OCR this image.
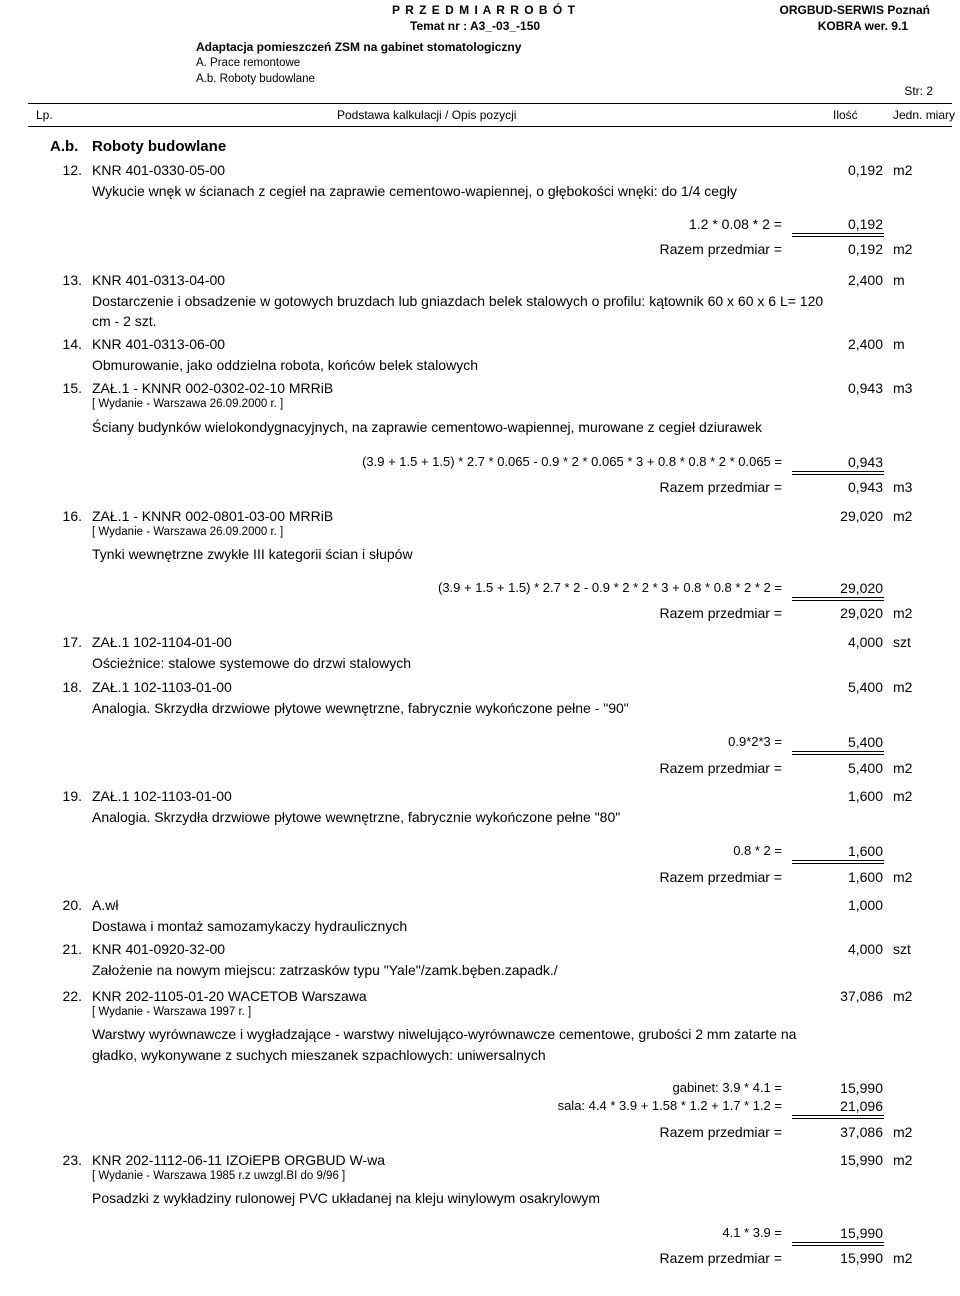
P R Z E D M I A R R O B Ó T	ORGBUD-SERWIS Poznań
Temat nr : A3_-03_-150	KOBRA wer. 9.1
Adaptacja pomieszczeń ZSM na gabinet stomatologiczny
A. Prace remontowe
A.b. Roboty budowlane
Str: 2
Lp.	Podstawa kalkulacji / Opis pozycji	Ilość	Jedn. miary
A.b. Roboty budowlane
12. KNR 401-0330-05-00	0,192 m2
Wykucie wnęk w ścianach z cegieł na zaprawie cementowo-wapiennej, o głębokości wnęki: do 1/4 cegły
1.2 * 0.08 * 2 =	0,192
Razem przedmiar =	0,192 m2
13. KNR 401-0313-04-00	2,400 m
Dostarczenie i obsadzenie w gotowych bruzdach lub gniazdach belek stalowych o profilu: kątownik 60 x 60 x 6 L= 120
cm - 2 szt.
14. KNR 401-0313-06-00	2,400 m
Obmurowanie, jako oddzielna robota, końców belek stalowych
15. ZAŁ.1 - KNNR 002-0302-02-10 MRRiB	0,943 m3
[ Wydanie - Warszawa 26.09.2000 r. ]
Ściany budynków wielokondygnacyjnych, na zaprawie cementowo-wapiennej, murowane z cegieł dziurawek
(3.9 + 1.5 + 1.5) * 2.7 * 0.065 - 0.9 * 2 * 0.065 * 3 + 0.8 * 0.8 * 2 * 0.065 =	0,943
Razem przedmiar =	0,943 m3
16. ZAŁ.1 - KNNR 002-0801-03-00 MRRiB	29,020 m2
[ Wydanie - Warszawa 26.09.2000 r. ]
Tynki wewnętrzne zwykłe III kategorii ścian i słupów
(3.9 + 1.5 + 1.5) * 2.7 * 2 - 0.9 * 2 * 2 * 3 + 0.8 * 0.8 * 2 * 2 =	29,020
Razem przedmiar =	29,020 m2
17. ZAŁ.1 102-1104-01-00	4,000 szt
Ościeżnice: stalowe systemowe do drzwi stalowych
18. ZAŁ.1 102-1103-01-00	5,400 m2
Analogia. Skrzydła drzwiowe płytowe wewnętrzne, fabrycznie wykończone pełne - "90"
0.9*2*3 =	5,400
Razem przedmiar =	5,400 m2
19. ZAŁ.1 102-1103-01-00	1,600 m2
Analogia. Skrzydła drzwiowe płytowe wewnętrzne, fabrycznie wykończone pełne "80"
0.8 * 2 =	1,600
Razem przedmiar =	1,600 m2
20. A.wł	1,000
Dostawa i montaż samozamykaczy hydraulicznych
21. KNR 401-0920-32-00	4,000 szt
Założenie na nowym miejscu: zatrzasków typu "Yale"/zamk.bęben.zapadk./
22. KNR 202-1105-01-20 WACETOB Warszawa	37,086 m2
[ Wydanie - Warszawa 1997 r. ]
Warstwy wyrównawcze i wygładzające - warstwy niwelująco-wyrównawcze cementowe, grubości 2 mm zatarte na
gładko, wykonywane z suchych mieszanek szpachlowych: uniwersalnych
gabinet: 3.9 * 4.1 =	15,990
sala: 4.4 * 3.9 + 1.58 * 1.2 + 1.7 * 1.2 =	21,096
Razem przedmiar =	37,086 m2
23. KNR 202-1112-06-11 IZOiEPB ORGBUD W-wa	15,990 m2
[ Wydanie - Warszawa 1985 r.z uwzgl.BI do 9/96 ]
Posadzki z wykładziny rulonowej PVC układanej na kleju winylowym osakrylowym
4.1 * 3.9 =	15,990
Razem przedmiar =	15,990 m2
